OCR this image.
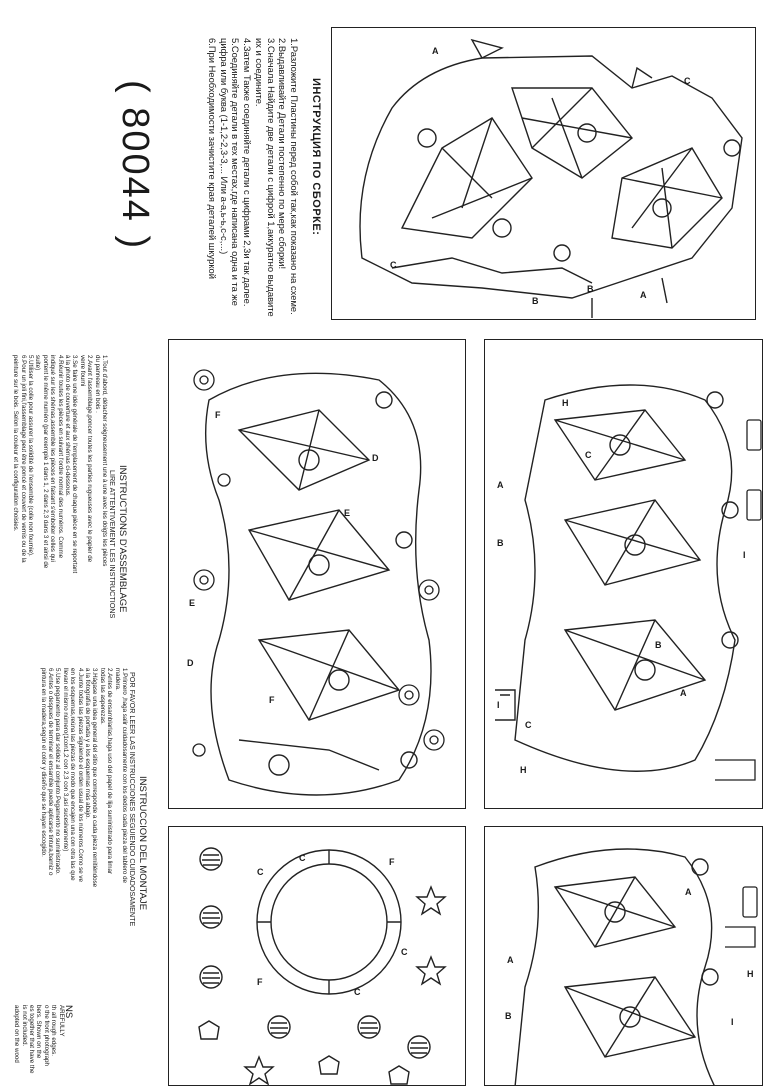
A
B
A
B
C
C
ИНСТРУКЦИЯ ПО СБОРКЕ:
1.Разложите Пластины перед собой так,как показано на схеме.
2.Выдавливайте Детали постепенно по мере сборки!
3.Сначала Найдите две детали с цифрой 1,аккуратно выдавите
их и соедините.
4.Затем Также соединяйте детали с цифрами 2,3и так далее.
5.Соединяйте детали в тех местах,где написана одна и та же
цифра или буква (1-1,2-2,3-3,... Или а-а,ь-ь,с-с,...)
6.При Необходимости зачистите края деталей шкуркой
( 80044 )
F
D
E
E
D
F
INSTRUCTIONS D'ASSEMBLAGE
LIRE ATTENTIVEMENT LES INSTRUCTIONS
1.Tout d'abord, détacher soigneusement une à une avec les doigts les pièces
du panneau en bois .
2.Avant l'assemblage,poncer toutes les parties rugueuses avec le papier de
verre fourni
3.Se faire une idée générale de l'emplacement de chaque pièce en se reportant
à la photo de couverture et aux shémas ci-dessous.
4.Réunir toutes les pièces en suivant l'ordre normal des numéros. Comme
indiqué sur les shémas,assemble les pièces en faisant s'emboiter celles qui
portent le même numéro (par exemple 1 dans 1, 2 dans 2,3 dans 3 et ainsi de
suite)
5.Utiliser la colle pour assurer la solidité de l'ensemble (colle non fournie).
6.Pour un joli fini,l'assemblage peut être poncé et couvert de vernis ou de la
peinture sur le bois. Selon la couleur et la configuration choisies.	H
C
A
B
B
A
C
H
I
I
INSTRUCCION DEL MONTAJE
POR FAVOR LEER LAS INSTRUCCIONES SEGUIENDO CUIDADOSAMENTE
1.Primero ,haga salir cuidadosamente con los dedos cada pieza del tablero de
madera.
2.Antes de ensamblarlas,haga uso del papel de lija suministrado para limar
todas las asperezas.
3.Hágase una idea general del sitio que corresponde a cada pieza remitiéndose
a la fotografía de portada y a los esquemas más abajo.
4.Junte todas las piezas siguiendo el orden usual de los números.Como se ve
en los esquemas,reúna las piezas de modo que encajen una con otra las que
llevan el mismo número(1con1,2 con 2,3 con 3,así sucesivamente)
5.Use pegamento para dar solidez al conjunto.Pegamento no suministrado.
6.Antes o despues de terminar el ensamble puede aplicarse tintura,barniz o
pintura en la madera,según el color y diseño que se hayan escogido.
NS
AREFULLY
th all rough edges.
o the front photograph
bers. Shown on the
es together that have the
is not included.
adopted on the wood
C
C	F
F
C
C
A
B
A
H
I
